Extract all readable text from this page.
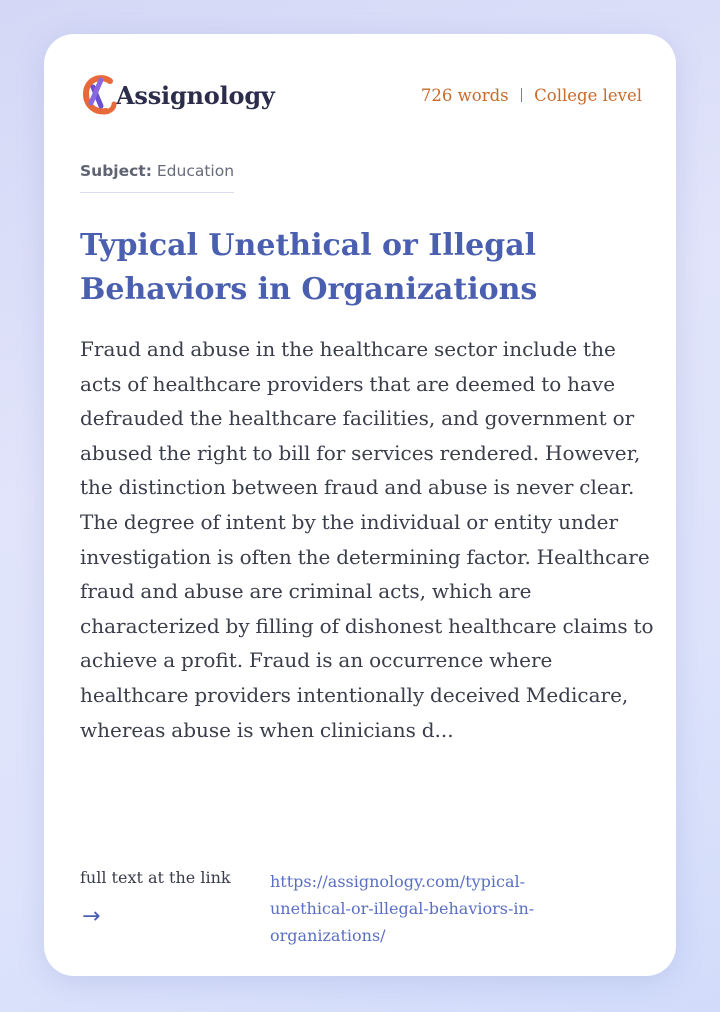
Assignology	726 words College level
Subject: Education
Typical Unethical or Illegal Behaviors in Organizations

Fraud and abuse in the healthcare sector include the acts of healthcare providers that are deemed to have defrauded the healthcare facilities, and government or abused the right to bill for services rendered. However, the distinction between fraud and abuse is never clear. The degree of intent by the individual or entity under investigation is often the determining factor. Healthcare fraud and abuse are criminal acts, which are characterized by filling of dishonest healthcare claims to achieve a profit. Fraud is an occurrence where healthcare providers intentionally deceived Medicare, whereas abuse is when clinicians d...

full text at the link
→
https://assignology.com/typical-unethical-or-illegal-behaviors-in-organizations/
